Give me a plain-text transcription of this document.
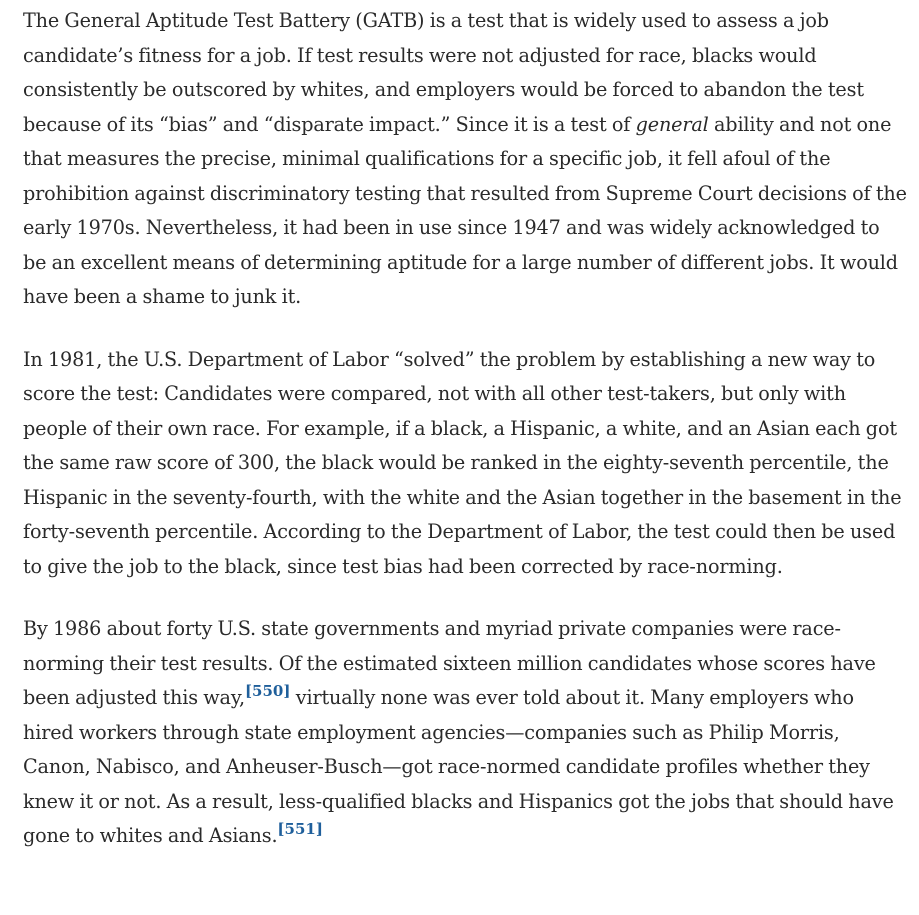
The General Aptitude Test Battery (GATB) is a test that is widely used to assess a job candidate’s fitness for a job. If test results were not adjusted for race, blacks would consistently be outscored by whites, and employers would be forced to abandon the test because of its “bias” and “disparate impact.” Since it is a test of general ability and not one that measures the precise, minimal qualifications for a specific job, it fell afoul of the prohibition against discriminatory testing that resulted from Supreme Court decisions of the early 1970s. Nevertheless, it had been in use since 1947 and was widely acknowledged to be an excellent means of determining aptitude for a large number of different jobs. It would have been a shame to junk it.

In 1981, the U.S. Department of Labor “solved” the problem by establishing a new way to score the test: Candidates were compared, not with all other test-takers, but only with people of their own race. For example, if a black, a Hispanic, a white, and an Asian each got the same raw score of 300, the black would be ranked in the eighty-seventh percentile, the Hispanic in the seventy-fourth, with the white and the Asian together in the basement in the forty-seventh percentile. According to the Department of Labor, the test could then be used to give the job to the black, since test bias had been corrected by race-norming.

By 1986 about forty U.S. state governments and myriad private companies were race-norming their test results. Of the estimated sixteen million candidates whose scores have been adjusted this way,[550] virtually none was ever told about it. Many employers who hired workers through state employment agencies—companies such as Philip Morris, Canon, Nabisco, and Anheuser-Busch—got race-normed candidate profiles whether they knew it or not. As a result, less-qualified blacks and Hispanics got the jobs that should have gone to whites and Asians.[551]
